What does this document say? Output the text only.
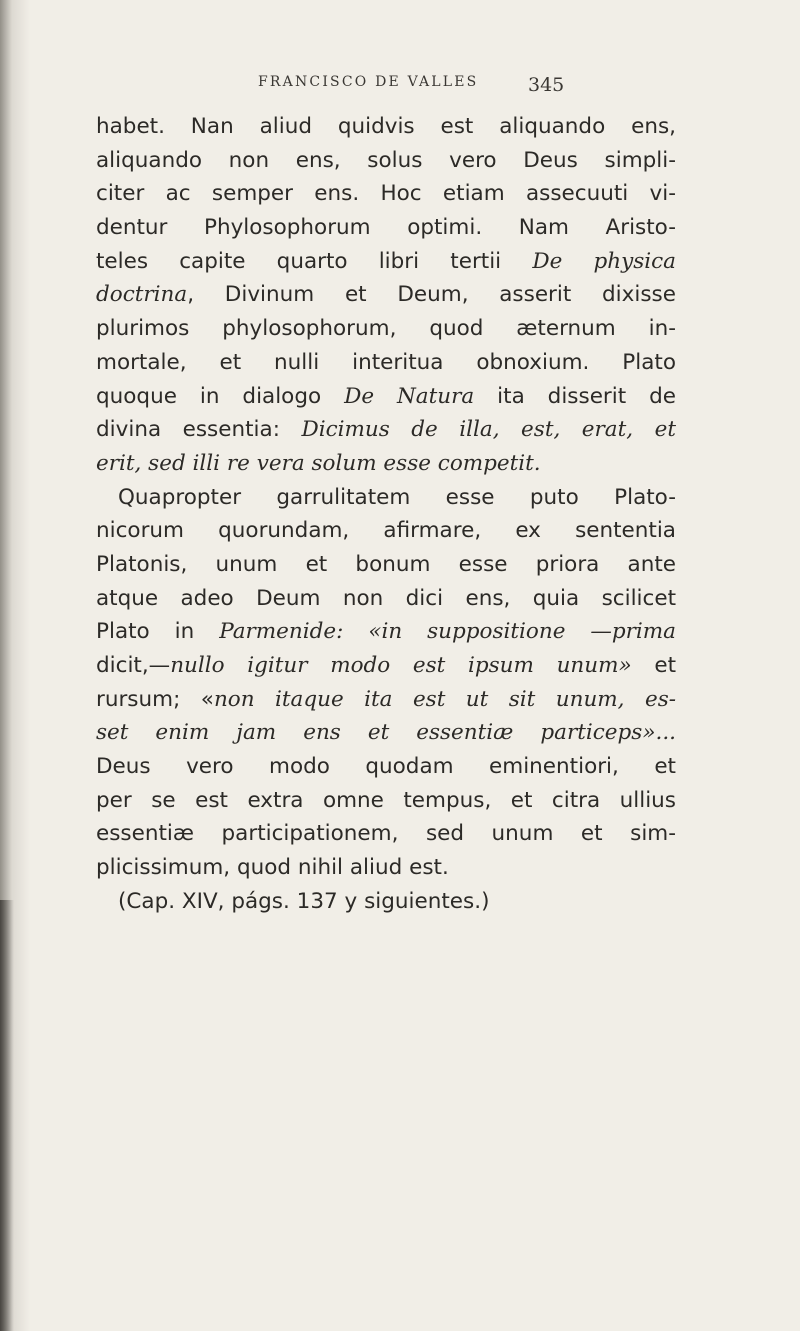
FRANCISCO DE VALLES	345
habet. Nan aliud quidvis est aliquando ens,
aliquando non ens, solus vero Deus simpli-
citer ac semper ens. Hoc etiam assecuuti vi-
dentur Phylosophorum optimi. Nam Aristo-
teles capite quarto libri tertii De physica
doctrina, Divinum et Deum, asserit dixisse
plurimos phylosophorum, quod æternum in-
mortale, et nulli interitua obnoxium. Plato
quoque in dialogo De Natura ita disserit de
divina essentia: Dicimus de illa, est, erat, et
erit, sed illi re vera solum esse competit.
Quapropter garrulitatem esse puto Plato-
nicorum quorundam, afirmare, ex sententia
Platonis, unum et bonum esse priora ante
atque adeo Deum non dici ens, quia scilicet
Plato in Parmenide: «in suppositione —prima
dicit,—nullo igitur modo est ipsum unum» et
rursum; «non itaque ita est ut sit unum, es-
set enim jam ens et essentiæ particeps»...
Deus vero modo quodam eminentiori, et
per se est extra omne tempus, et citra ullius
essentiæ participationem, sed unum et sim-
plicissimum, quod nihil aliud est.
(Cap. XIV, págs. 137 y siguientes.)
